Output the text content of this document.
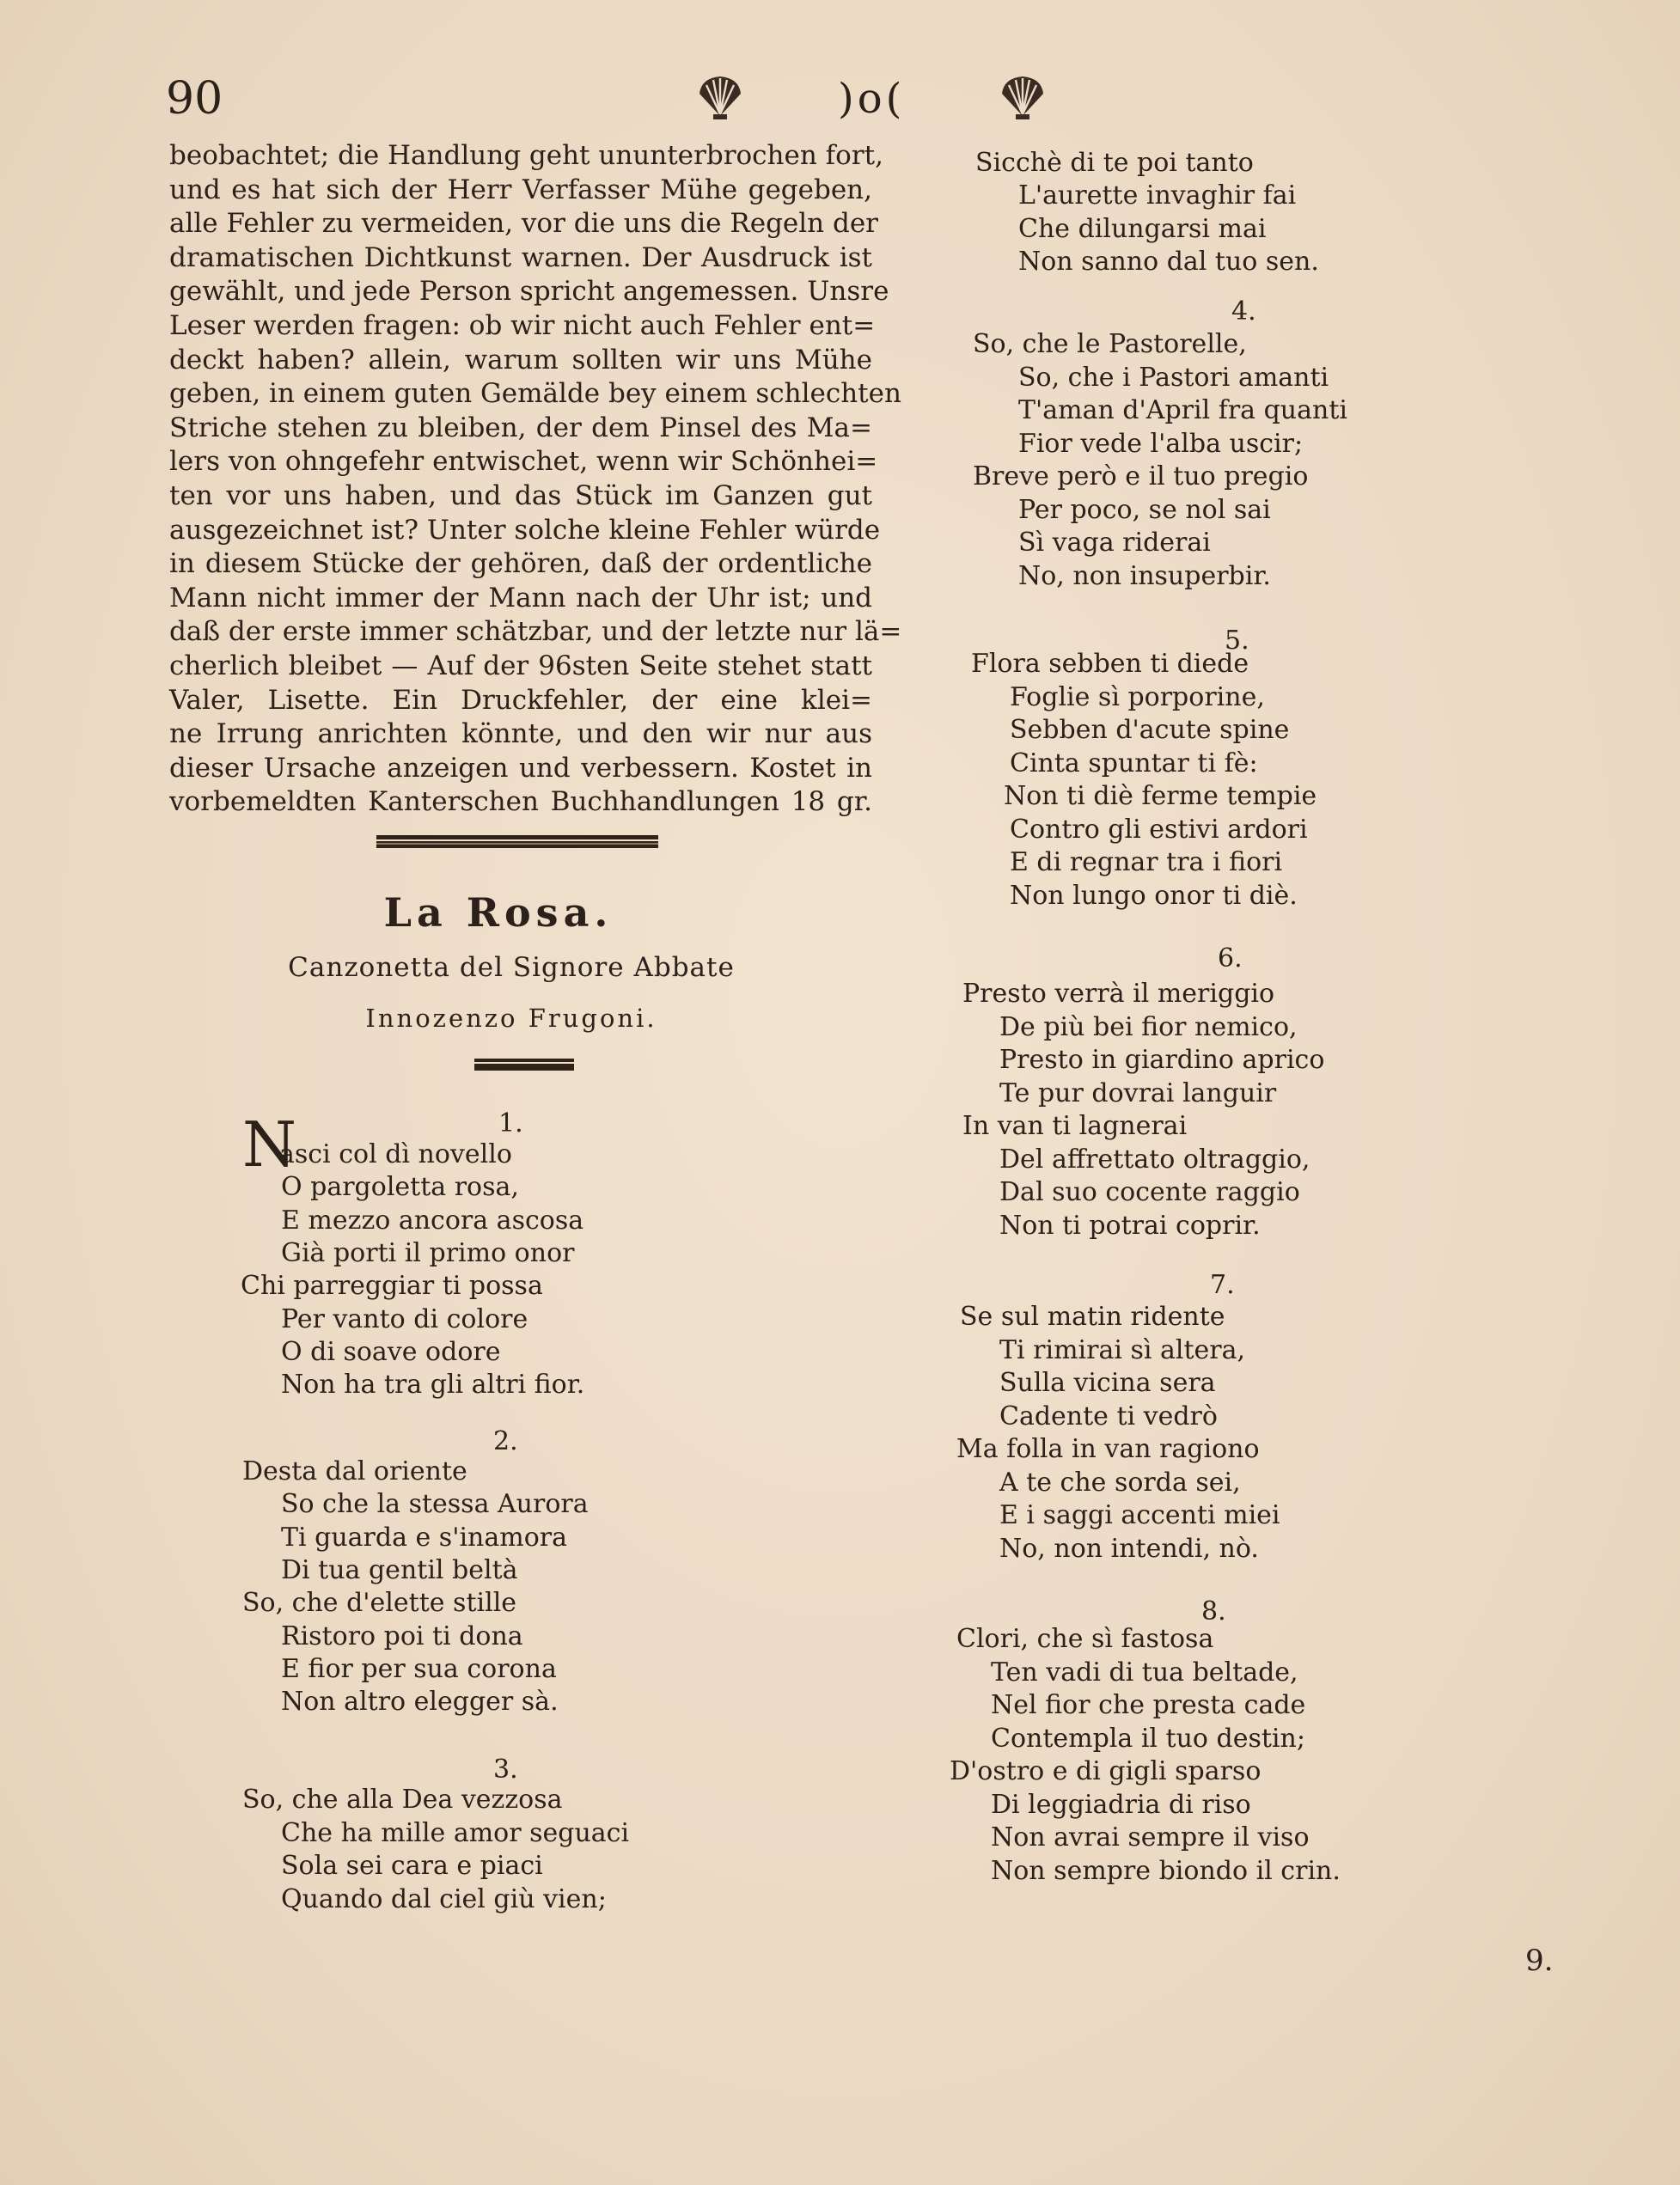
90	)o(

beobachtet; die Handlung geht ununterbrochen fort,

und es hat sich der Herr Verfasser Mühe gegeben,

alle Fehler zu vermeiden, vor die uns die Regeln der

dramatischen Dichtkunst warnen. Der Ausdruck ist

gewählt, und jede Person spricht angemessen. Unsre

Leser werden fragen: ob wir nicht auch Fehler ent=

deckt haben? allein, warum sollten wir uns Mühe

geben, in einem guten Gemälde bey einem schlechten

Striche stehen zu bleiben, der dem Pinsel des Ma=

lers von ohngefehr entwischet, wenn wir Schönhei=

ten vor uns haben, und das Stück im Ganzen gut

ausgezeichnet ist? Unter solche kleine Fehler würde

in diesem Stücke der gehören, daß der ordentliche

Mann nicht immer der Mann nach der Uhr ist; und

daß der erste immer schätzbar, und der letzte nur lä=

cherlich bleibet — Auf der 96sten Seite stehet statt

Valer, Lisette. Ein Druckfehler, der eine klei=

ne Irrung anrichten könnte, und den wir nur aus

dieser Ursache anzeigen und verbessern. Kostet in

vorbemeldten Kanterschen Buchhandlungen 18 gr.

La Rosa.
Canzonetta del Signore Abbate
Innozenzo Frugoni.
N	1.
asci col dì novello
O pargoletta rosa,
E mezzo ancora ascosa
Già porti il primo onor
Chi parreggiar ti possa
Per vanto di colore
O di soave odore
Non ha tra gli altri fior.
2.
Desta dal oriente
So che la stessa Aurora
Ti guarda e s'inamora
Di tua gentil beltà
So, che d'elette stille
Ristoro poi ti dona
E fior per sua corona
Non altro elegger sà.
3.
So, che alla Dea vezzosa
Che ha mille amor seguaci
Sola sei cara e piaci
Quando dal ciel giù vien;
Sicchè di te poi tanto
L'aurette invaghir fai
Che dilungarsi mai
Non sanno dal tuo sen.
4.
So, che le Pastorelle,
So, che i Pastori amanti
T'aman d'April fra quanti
Fior vede l'alba uscir;
Breve però e il tuo pregio
Per poco, se nol sai
Sì vaga riderai
No, non insuperbir.
5.
Flora sebben ti diede
Foglie sì porporine,
Sebben d'acute spine
Cinta spuntar ti fè:
Non ti diè ferme tempie
Contro gli estivi ardori
E di regnar tra i fiori
Non lungo onor ti diè.
6.
Presto verrà il meriggio
De più bei fior nemico,
Presto in giardino aprico
Te pur dovrai languir
In van ti lagnerai
Del affrettato oltraggio,
Dal suo cocente raggio
Non ti potrai coprir.
7.
Se sul matin ridente
Ti rimirai sì altera,
Sulla vicina sera
Cadente ti vedrò
Ma folla in van ragiono
A te che sorda sei,
E i saggi accenti miei
No, non intendi, nò.
8.
Clori, che sì fastosa
Ten vadi di tua beltade,
Nel fior che presta cade
Contempla il tuo destin;
D'ostro e di gigli sparso
Di leggiadria di riso
Non avrai sempre il viso
Non sempre biondo il crin.
9.
